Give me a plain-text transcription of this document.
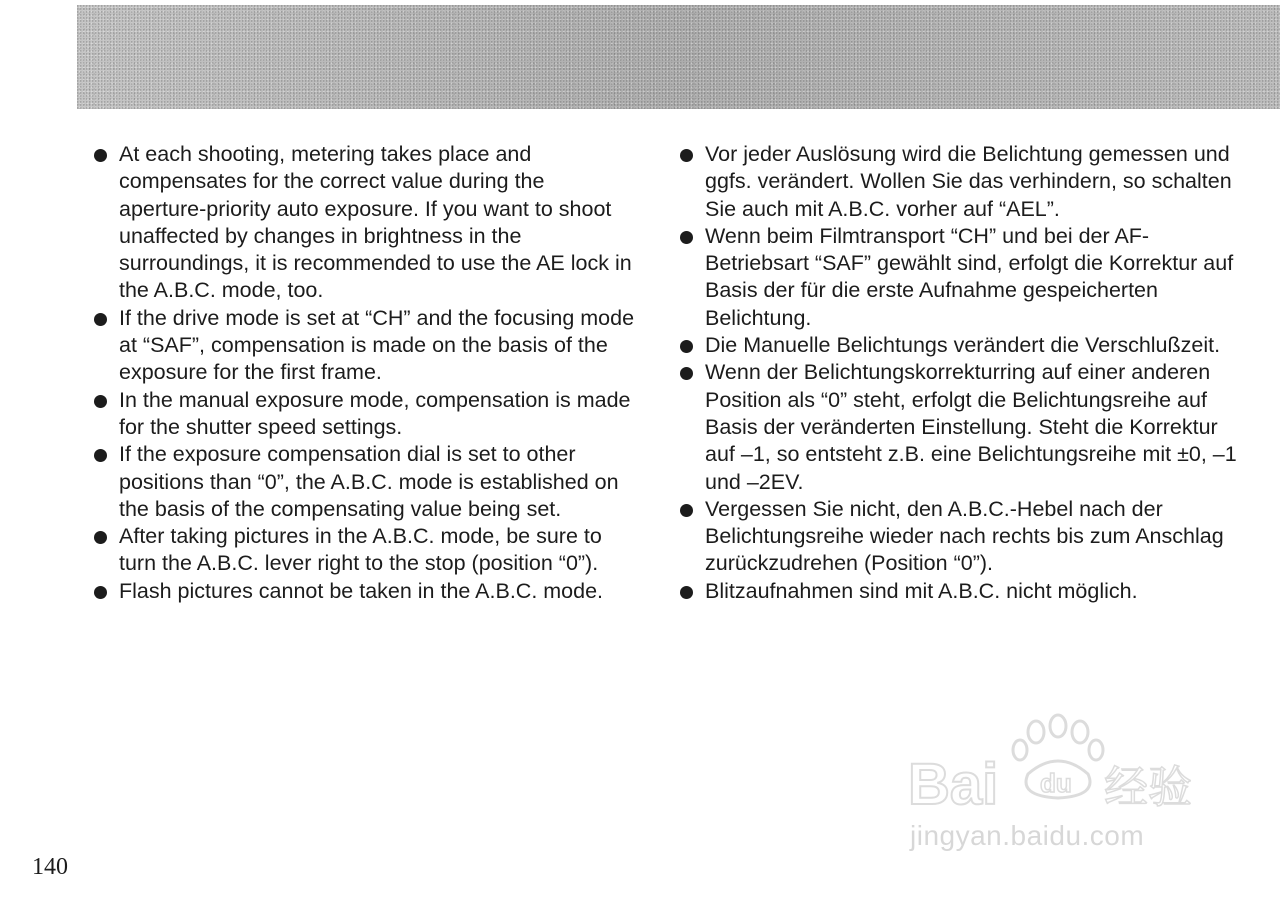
At each shooting, metering takes place and compensates for the correct value during the aperture-priority auto exposure. If you want to shoot unaffected by changes in brightness in the surroundings, it is recommended to use the AE lock in the A.B.C. mode, too.
If the drive mode is set at “CH” and the focusing mode at “SAF”, compensation is made on the basis of the exposure for the first frame.
In the manual exposure mode, compensation is made for the shutter speed settings.
If the exposure compensation dial is set to other positions than “0”, the A.B.C. mode is established on the basis of the compensating value being set.
After taking pictures in the A.B.C. mode, be sure to turn the A.B.C. lever right to the stop (position “0”).
Flash pictures cannot be taken in the A.B.C. mode.
Vor jeder Auslösung wird die Belichtung gemessen und ggfs. verändert. Wollen Sie das verhindern, so schalten Sie auch mit A.B.C. vorher auf “AEL”.
Wenn beim Filmtransport “CH” und bei der AF-Betriebsart “SAF” gewählt sind, erfolgt die Korrektur auf Basis der für die erste Aufnahme gespeicherten Belichtung.
Die Manuelle Belichtungs verändert die Verschlußzeit.
Wenn der Belichtungskorrekturring auf einer anderen Position als “0” steht, erfolgt die Belichtungsreihe auf Basis der veränderten Einstellung. Steht die Korrektur auf –1, so entsteht z.B. eine Belichtungsreihe mit ±0, –1 und –2EV.
Vergessen Sie nicht, den A.B.C.-Hebel nach der Belichtungsreihe wieder nach rechts bis zum Anschlag zurückzudrehen (Position “0”).
Blitzaufnahmen sind mit A.B.C. nicht möglich.
140
Bai du 经验
jingyan.baidu.com
